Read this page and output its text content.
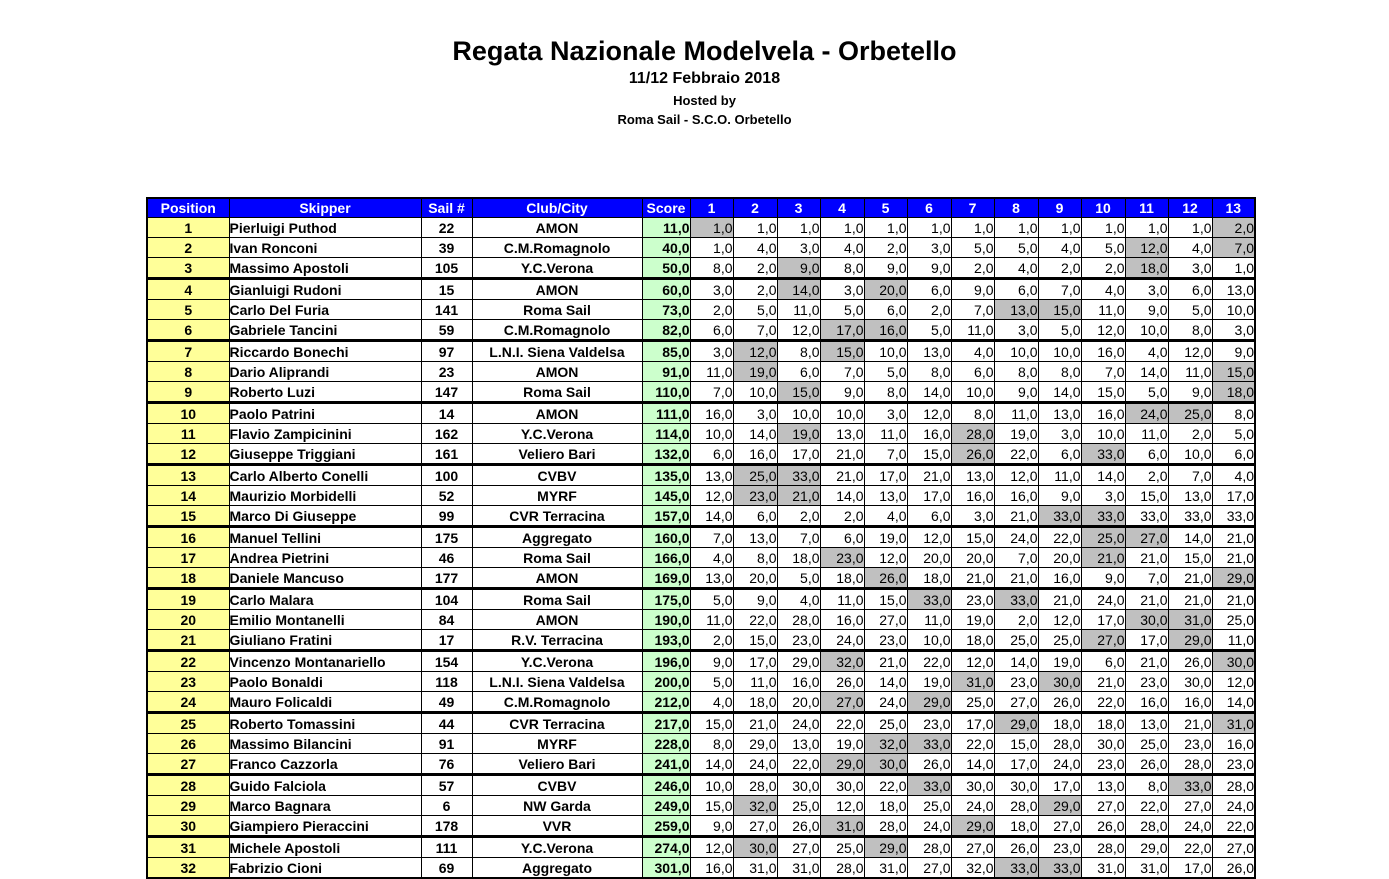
Regata Nazionale Modelvela - Orbetello
11/12 Febbraio 2018
Hosted by
Roma Sail - S.C.O. Orbetello
Position	Skipper	Sail #	Club/City	Score	1	2	3	4	5	6	7	8	9	10	11	12	13
1	Pierluigi Puthod	22	AMON	11,0	1,0	1,0	1,0	1,0	1,0	1,0	1,0	1,0	1,0	1,0	1,0	1,0	2,0
2	Ivan Ronconi	39	C.M.Romagnolo	40,0	1,0	4,0	3,0	4,0	2,0	3,0	5,0	5,0	4,0	5,0	12,0	4,0	7,0
3	Massimo Apostoli	105	Y.C.Verona	50,0	8,0	2,0	9,0	8,0	9,0	9,0	2,0	4,0	2,0	2,0	18,0	3,0	1,0
4	Gianluigi Rudoni	15	AMON	60,0	3,0	2,0	14,0	3,0	20,0	6,0	9,0	6,0	7,0	4,0	3,0	6,0	13,0
5	Carlo Del Furia	141	Roma Sail	73,0	2,0	5,0	11,0	5,0	6,0	2,0	7,0	13,0	15,0	11,0	9,0	5,0	10,0
6	Gabriele Tancini	59	C.M.Romagnolo	82,0	6,0	7,0	12,0	17,0	16,0	5,0	11,0	3,0	5,0	12,0	10,0	8,0	3,0
7	Riccardo Bonechi	97	L.N.I. Siena Valdelsa	85,0	3,0	12,0	8,0	15,0	10,0	13,0	4,0	10,0	10,0	16,0	4,0	12,0	9,0
8	Dario Aliprandi	23	AMON	91,0	11,0	19,0	6,0	7,0	5,0	8,0	6,0	8,0	8,0	7,0	14,0	11,0	15,0
9	Roberto Luzi	147	Roma Sail	110,0	7,0	10,0	15,0	9,0	8,0	14,0	10,0	9,0	14,0	15,0	5,0	9,0	18,0
10	Paolo Patrini	14	AMON	111,0	16,0	3,0	10,0	10,0	3,0	12,0	8,0	11,0	13,0	16,0	24,0	25,0	8,0
11	Flavio Zampicinini	162	Y.C.Verona	114,0	10,0	14,0	19,0	13,0	11,0	16,0	28,0	19,0	3,0	10,0	11,0	2,0	5,0
12	Giuseppe Triggiani	161	Veliero Bari	132,0	6,0	16,0	17,0	21,0	7,0	15,0	26,0	22,0	6,0	33,0	6,0	10,0	6,0
13	Carlo Alberto Conelli	100	CVBV	135,0	13,0	25,0	33,0	21,0	17,0	21,0	13,0	12,0	11,0	14,0	2,0	7,0	4,0
14	Maurizio Morbidelli	52	MYRF	145,0	12,0	23,0	21,0	14,0	13,0	17,0	16,0	16,0	9,0	3,0	15,0	13,0	17,0
15	Marco Di Giuseppe	99	CVR Terracina	157,0	14,0	6,0	2,0	2,0	4,0	6,0	3,0	21,0	33,0	33,0	33,0	33,0	33,0
16	Manuel Tellini	175	Aggregato	160,0	7,0	13,0	7,0	6,0	19,0	12,0	15,0	24,0	22,0	25,0	27,0	14,0	21,0
17	Andrea Pietrini	46	Roma Sail	166,0	4,0	8,0	18,0	23,0	12,0	20,0	20,0	7,0	20,0	21,0	21,0	15,0	21,0
18	Daniele Mancuso	177	AMON	169,0	13,0	20,0	5,0	18,0	26,0	18,0	21,0	21,0	16,0	9,0	7,0	21,0	29,0
19	Carlo Malara	104	Roma Sail	175,0	5,0	9,0	4,0	11,0	15,0	33,0	23,0	33,0	21,0	24,0	21,0	21,0	21,0
20	Emilio Montanelli	84	AMON	190,0	11,0	22,0	28,0	16,0	27,0	11,0	19,0	2,0	12,0	17,0	30,0	31,0	25,0
21	Giuliano Fratini	17	R.V. Terracina	193,0	2,0	15,0	23,0	24,0	23,0	10,0	18,0	25,0	25,0	27,0	17,0	29,0	11,0
22	Vincenzo Montanariello	154	Y.C.Verona	196,0	9,0	17,0	29,0	32,0	21,0	22,0	12,0	14,0	19,0	6,0	21,0	26,0	30,0
23	Paolo Bonaldi	118	L.N.I. Siena Valdelsa	200,0	5,0	11,0	16,0	26,0	14,0	19,0	31,0	23,0	30,0	21,0	23,0	30,0	12,0
24	Mauro Folicaldi	49	C.M.Romagnolo	212,0	4,0	18,0	20,0	27,0	24,0	29,0	25,0	27,0	26,0	22,0	16,0	16,0	14,0
25	Roberto Tomassini	44	CVR Terracina	217,0	15,0	21,0	24,0	22,0	25,0	23,0	17,0	29,0	18,0	18,0	13,0	21,0	31,0
26	Massimo Bilancini	91	MYRF	228,0	8,0	29,0	13,0	19,0	32,0	33,0	22,0	15,0	28,0	30,0	25,0	23,0	16,0
27	Franco Cazzorla	76	Veliero Bari	241,0	14,0	24,0	22,0	29,0	30,0	26,0	14,0	17,0	24,0	23,0	26,0	28,0	23,0
28	Guido Falciola	57	CVBV	246,0	10,0	28,0	30,0	30,0	22,0	33,0	30,0	30,0	17,0	13,0	8,0	33,0	28,0
29	Marco Bagnara	6	NW Garda	249,0	15,0	32,0	25,0	12,0	18,0	25,0	24,0	28,0	29,0	27,0	22,0	27,0	24,0
30	Giampiero Pieraccini	178	VVR	259,0	9,0	27,0	26,0	31,0	28,0	24,0	29,0	18,0	27,0	26,0	28,0	24,0	22,0
31	Michele Apostoli	111	Y.C.Verona	274,0	12,0	30,0	27,0	25,0	29,0	28,0	27,0	26,0	23,0	28,0	29,0	22,0	27,0
32	Fabrizio Cioni	69	Aggregato	301,0	16,0	31,0	31,0	28,0	31,0	27,0	32,0	33,0	33,0	31,0	31,0	17,0	26,0
